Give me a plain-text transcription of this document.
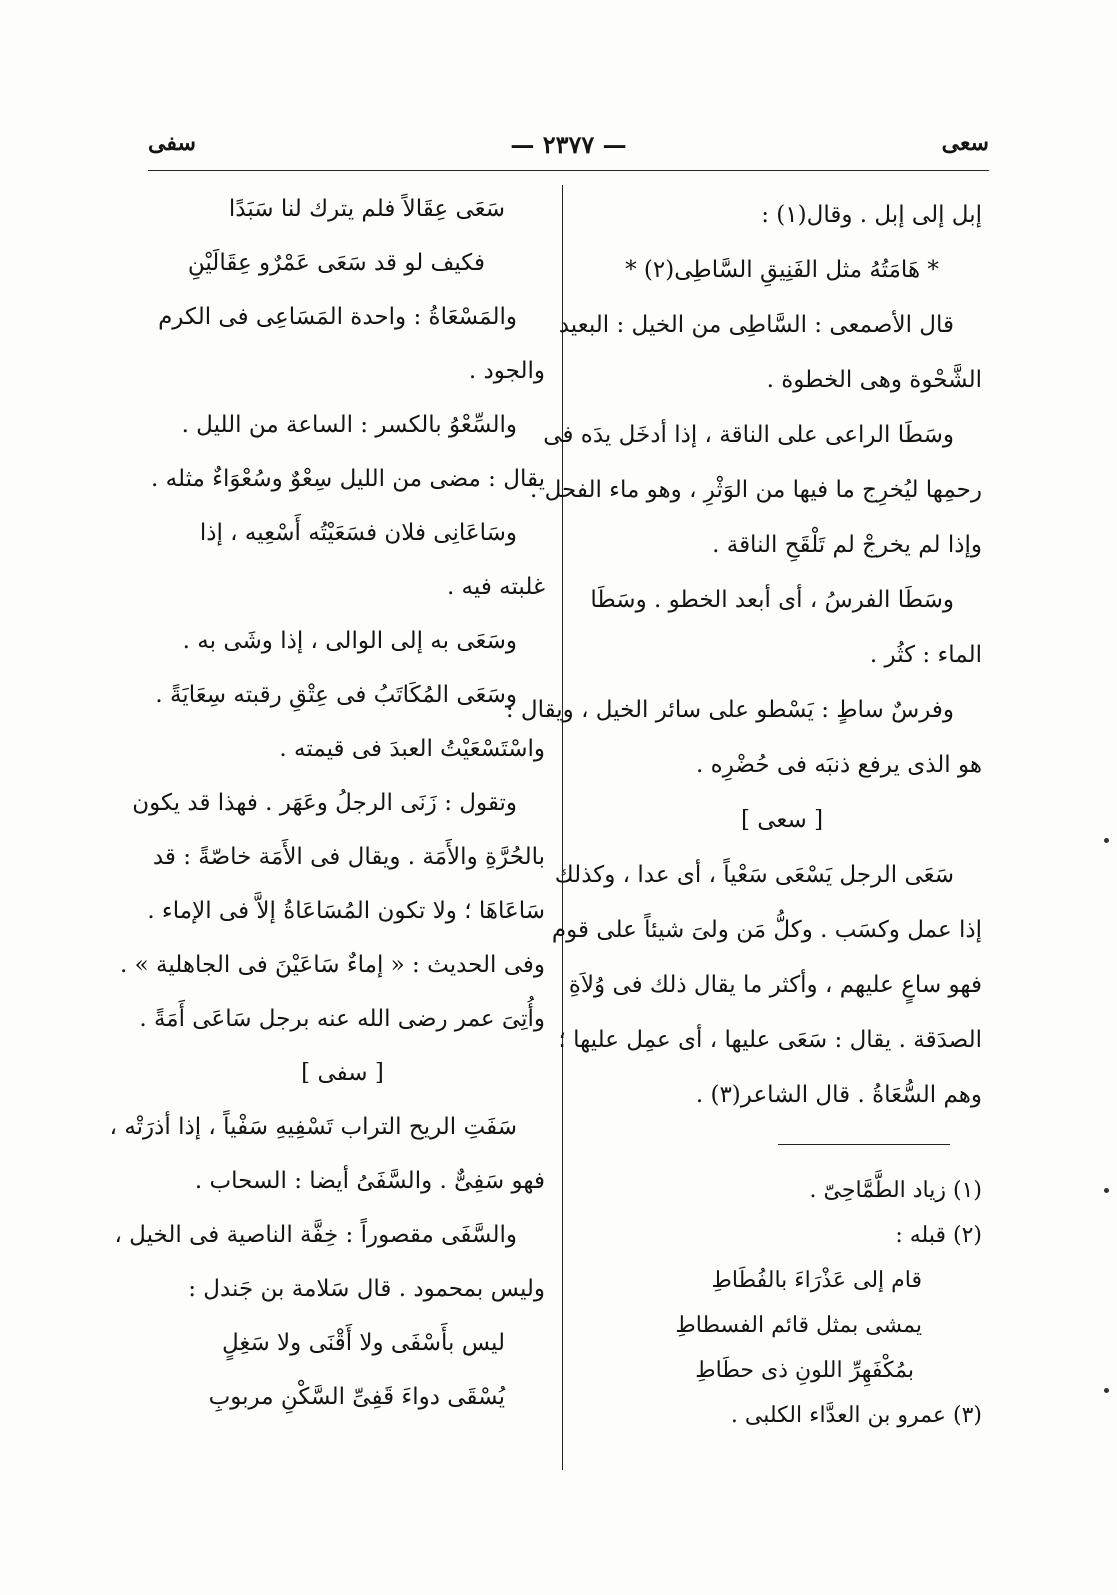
سفى	— ٢٣٧٧ —	سعى
إبل إلى إبل . وقال(١) :
* هَامَتُهُ مثل الفَنِيقِ السَّاطِى(٢) *
قال الأصمعى : السَّاطِى من الخيل : البعيد
الشَّحْوة وهى الخطوة .
وسَطَا الراعى على الناقة ، إذا أدخَل يدَه فى
رحمِها ليُخرِج ما فيها من الوَثْرِ ، وهو ماء الفحل .
وإذا لم يخرجْ لم تَلْقَحِ الناقة .
وسَطَا الفرسُ ، أى أبعد الخطو . وسَطَا
الماء : كثُر .
وفرسٌ ساطٍ : يَسْطو على سائر الخيل ، ويقال :
هو الذى يرفع ذنبَه فى حُضْرِه .
[ سعى ]
سَعَى الرجل يَسْعَى سَعْياً ، أى عدا ، وكذلك
إذا عمل وكسَب . وكلُّ مَن ولىَ شيئاً على قوم
فهو ساعٍ عليهم ، وأكثر ما يقال ذلك فى وُلاَةِ
الصدَقة . يقال : سَعَى عليها ، أى عمِل عليها ؛
وهم السُّعَاةُ . قال الشاعر(٣) .
(١) زياد الطَّمَّاحِىّ .
(٢) قبله :
قام إلى عَذْرَاءَ بالفُطَاطِ
يمشى بمثل قائم الفسطاطِ
بمُكْفَهِرِّ اللونِ ذى حطَاطِ
(٣) عمرو بن العدَّاء الكلبى .
سَعَى عِقَالاً فلم يترك لنا سَبَدًا
فكيف لو قد سَعَى عَمْرٌو عِقَالَيْنِ
والمَسْعَاةُ : واحدة المَسَاعِى فى الكرم
والجود .
والسِّعْوُ بالكسر : الساعة من الليل .
يقال : مضى من الليل سِعْوٌ وسُعْوَاءٌ مثله .
وسَاعَانِى فلان فسَعَيْتُه أَسْعِيه ، إذا
غلبته فيه .
وسَعَى به إلى الوالى ، إذا وشَى به .
وسَعَى المُكَاتَبُ فى عِتْقِ رقبته سِعَايَةً .
واسْتَسْعَيْتُ العبدَ فى قيمته .
وتقول : زَنَى الرجلُ وعَهَر . فهذا قد يكون
بالحُرَّةِ والأَمَة . ويقال فى الأَمَة خاصّةً : قد
سَاعَاهَا ؛ ولا تكون المُسَاعَاةُ إلاَّ فى الإماء .
وفى الحديث : « إماءٌ سَاعَيْنَ فى الجاهلية » .
وأُتِىَ عمر رضى الله عنه برجل سَاعَى أَمَةً .
[ سفى ]
سَفَتِ الريح التراب تَسْفِيهِ سَفْياً ، إذا أذرَتْه ،
فهو سَفِىٌّ . والسَّفَىُ أيضا : السحاب .
والسَّفَى مقصوراً : خِفَّة الناصية فى الخيل ،
وليس بمحمود . قال سَلامة بن جَندل :
ليس بأَسْفَى ولا أَقْنَى ولا سَغِلٍ
يُسْقَى دواءَ قَفِىِّ السَّكْنِ مربوبِ
